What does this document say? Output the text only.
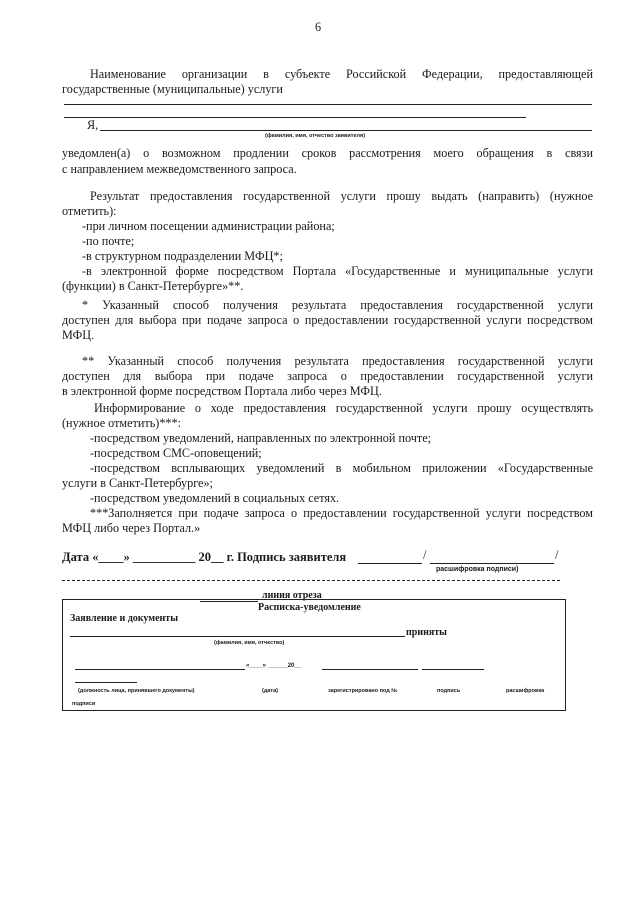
6
Наименование организации в субъекте Российской Федерации, предоставляющей
государственные (муниципальные) услуги
Я,
(фамилия, имя, отчество заявителя)
уведомлен(а) о возможном продлении сроков рассмотрения моего обращения в связи
с направлением межведомственного запроса.
Результат предоставления государственной услуги прошу выдать (направить) (нужное
отметить):
-при личном посещении администрации района;
-по почте;
-в структурном подразделении МФЦ*;
-в электронной форме посредством Портала «Государственные и муниципальные услуги
(функции) в Санкт-Петербурге»**.
* Указанный способ получения результата предоставления государственной услуги
доступен для выбора при подаче запроса о предоставлении государственной услуги посредством
МФЦ.
** Указанный способ получения результата предоставления государственной услуги
доступен для выбора при подаче запроса о предоставлении государственной услуги
в электронной форме посредством Портала либо через МФЦ.
Информирование о ходе предоставления государственной услуги прошу осуществлять
(нужное отметить)***:
-посредством уведомлений, направленных по электронной почте;
-посредством СМС-оповещений;
-посредством всплывающих уведомлений в мобильном приложении «Государственные
услуги в Санкт-Петербурге»;
-посредством уведомлений в социальных сетях.
***Заполняется при подаче запроса о предоставлении государственной услуги посредством
МФЦ либо через Портал.»
Дата «____» __________ 20__ г. Подпись заявителя	/	/
расшифровка подписи)
линия отреза
Расписка-уведомление
Заявление и документы
приняты
(фамилия, имя, отчество)
«____» ______20__
(должность лица, принявшего документы)	(дата)	зарегистрировано под №	подпись	расшифровка
подписи
